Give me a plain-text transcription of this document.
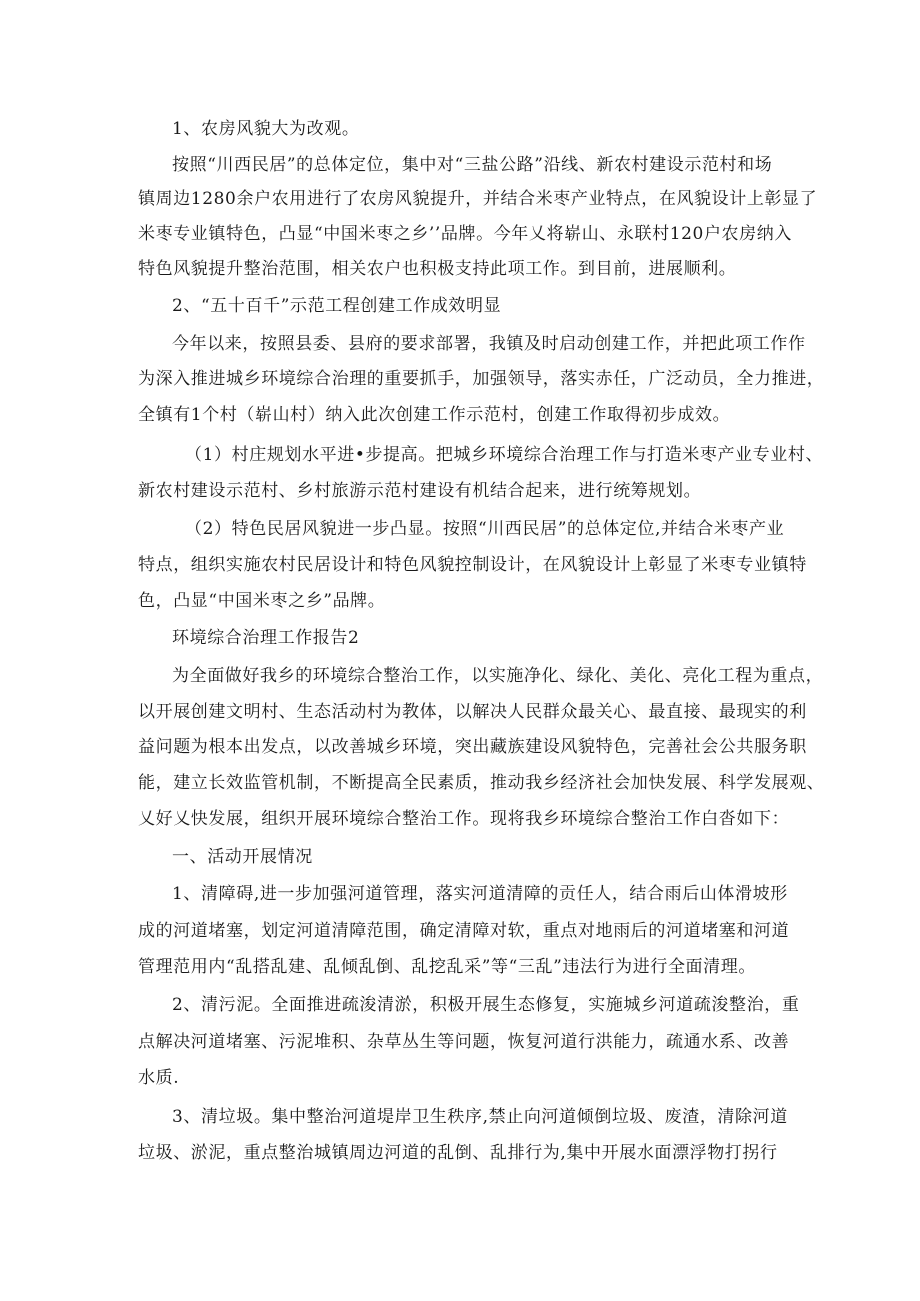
1、农房风貌大为改观。
按照“川西民居”的总体定位，集中对“三盐公路”沿线、新农村建设示范村和场
镇周边1280余户农用进行了农房风貌提升，并结合米枣产业特点，在风貌设计上彰显了
米枣专业镇特色，凸显“中国米枣之乡’’品牌。今年乂将崭山、永联村120户农房纳入
特色风貌提升整治范围，相关农户也积极支持此项工作。到目前，进展顺利。
2、“五十百千”示范工程创建工作成效明显
今年以来，按照县委、县府的要求部署，我镇及时启动创建工作，并把此项工作作
为深入推进城乡环境综合治理的重要抓手，加强领导，落实赤任，广泛动员，全力推进，
全镇有1个村（崭山村）纳入此次创建工作示范村，创建工作取得初步成效。
（1）村庄规划水平进•步提高。把城乡环境综合治理工作与打造米枣产业专业村、
新农村建设示范村、乡村旅游示范村建设有机结合起来，进行统筹规划。
（2）特色民居风貌进一步凸显。按照“川西民居”的总体定位,并结合米枣产业
特点，组织实施农村民居设计和特色风貌控制设计，在风貌设计上彰显了米枣专业镇特
色，凸显“中国米枣之乡”品牌。
环境综合治理工作报告2
为全面做好我乡的环境综合整治工作，以实施净化、绿化、美化、亮化工程为重点，
以开展创建文明村、生态活动村为教体，以解决人民群众最关心、最直接、最现实的利
益问题为根本出发点，以改善城乡环境，突出藏族建设风貌特色，完善社会公共服务职
能，建立长效监管机制，不断提高全民素质，推动我乡经济社会加快发展、科学发展观、
乂好乂快发展，组织开展环境综合整治工作。现将我乡环境综合整治工作白沓如下：
一、活动开展情况
1、清障碍,进一步加强河道管理，落实河道清障的贡任人，结合雨后山体滑坡形
成的河道堵塞，划定河道清障范围，确定清障对软，重点对地雨后的河道堵塞和河道
管理范用内“乱搭乱建、乱倾乱倒、乱挖乱采”等“三乱”违法行为进行全面清理。
2、清污泥。全面推进疏浚清淤，积极开展生态修复，实施城乡河道疏浚整治，重
点解决河道堵塞、污泥堆积、杂草丛生等问题，恢复河道行洪能力，疏通水系、改善
水质.
3、清垃圾。集中整治河道堤岸卫生秩序,禁止向河道倾倒垃圾、废渣，清除河道
垃圾、淤泥，重点整治城镇周边河道的乱倒、乱排行为,集中开展水面漂浮物打拐行
